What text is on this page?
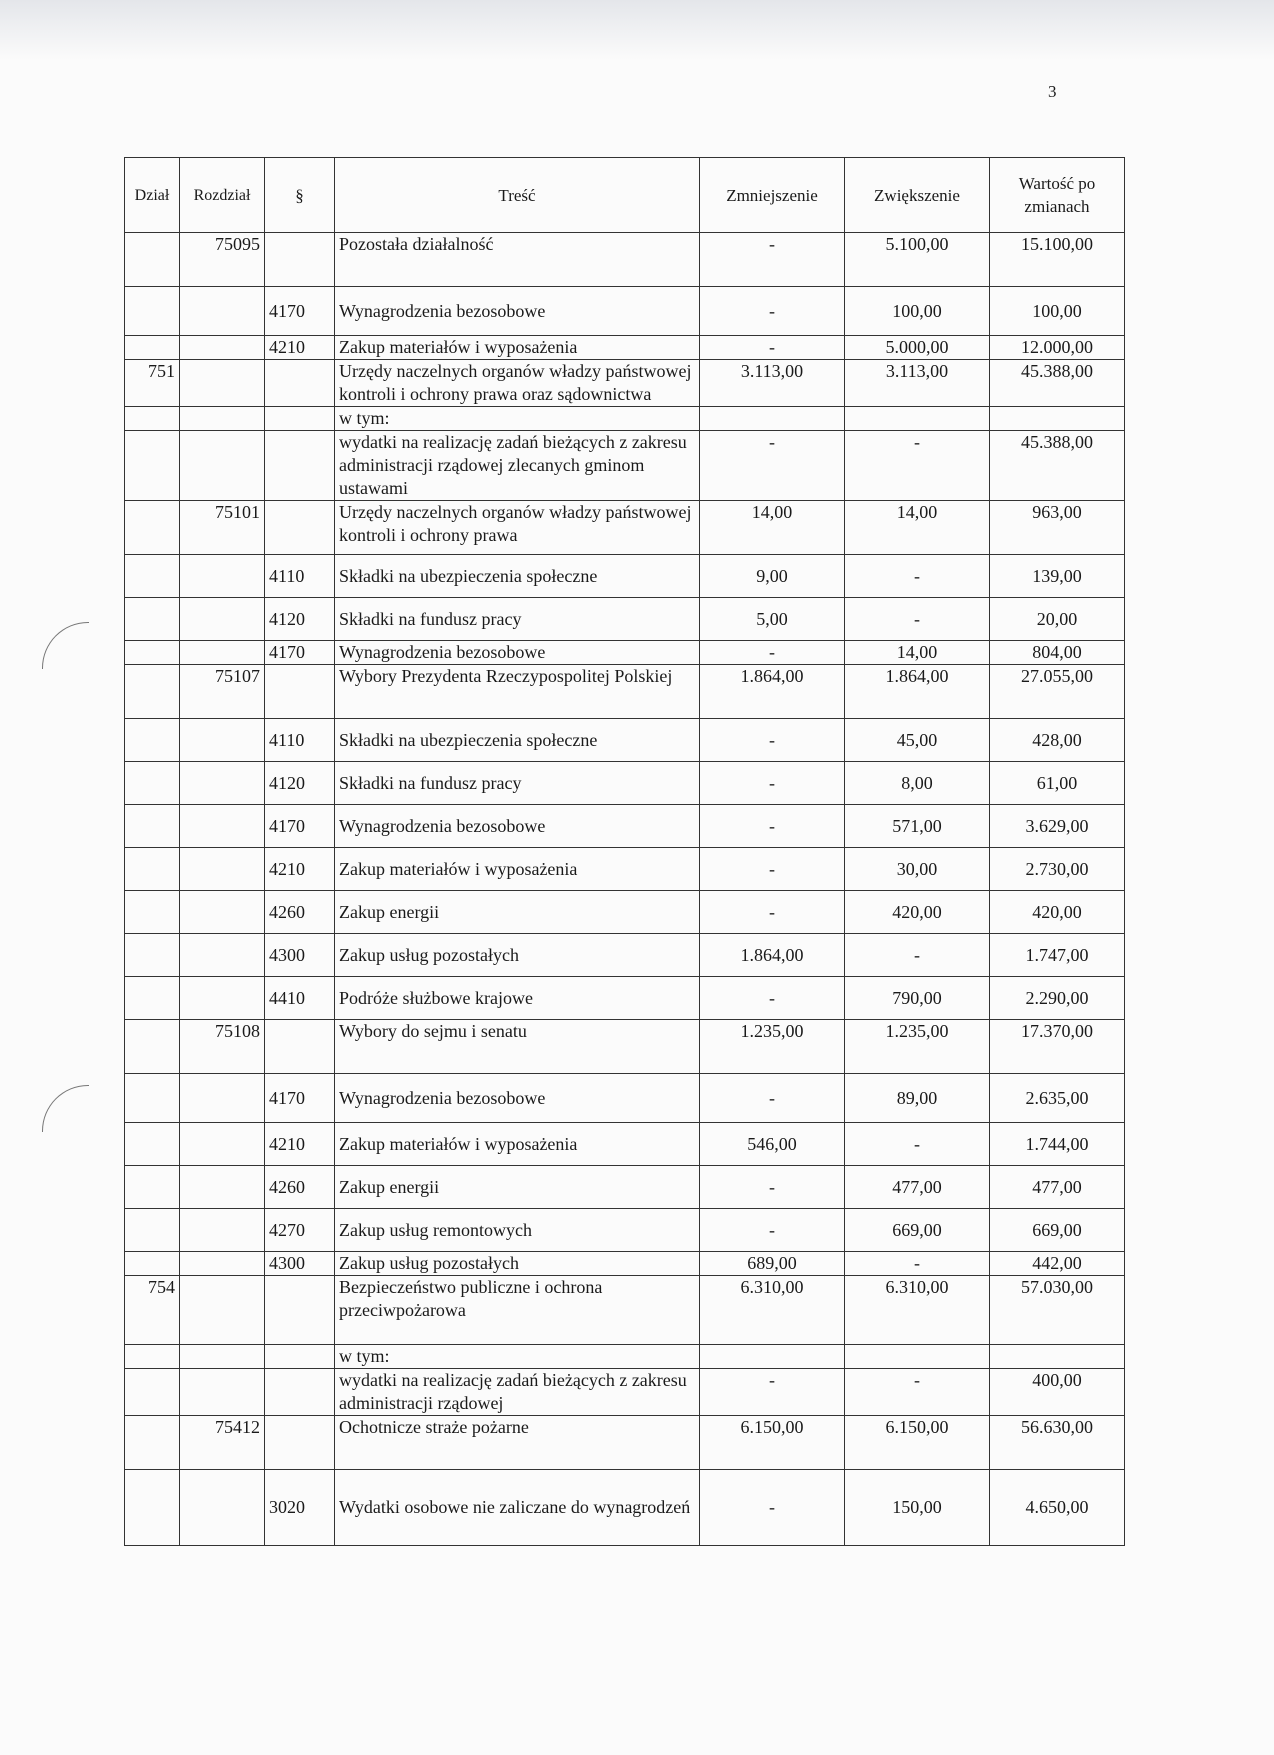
3
Dział	Rozdział	§	Treść	Zmniejszenie	Zwiększenie	Wartość po zmianach
	75095		Pozostała działalność	-	5.100,00	15.100,00
		4170	Wynagrodzenia bezosobowe	-	100,00	100,00
		4210	Zakup materiałów i wyposażenia	-	5.000,00	12.000,00
751			Urzędy naczelnych organów władzy państwowej kontroli i ochrony prawa oraz sądownictwa	3.113,00	3.113,00	45.388,00
			w tym:			
			wydatki na realizację zadań bieżących z zakresu administracji rządowej zlecanych gminom ustawami	-	-	45.388,00
	75101		Urzędy naczelnych organów władzy państwowej kontroli i ochrony prawa	14,00	14,00	963,00
		4110	Składki na ubezpieczenia społeczne	9,00	-	139,00
		4120	Składki na fundusz pracy	5,00	-	20,00
		4170	Wynagrodzenia bezosobowe	-	14,00	804,00
	75107		Wybory Prezydenta Rzeczypospolitej Polskiej	1.864,00	1.864,00	27.055,00
		4110	Składki na ubezpieczenia społeczne	-	45,00	428,00
		4120	Składki na fundusz pracy	-	8,00	61,00
		4170	Wynagrodzenia bezosobowe	-	571,00	3.629,00
		4210	Zakup materiałów i wyposażenia	-	30,00	2.730,00
		4260	Zakup energii	-	420,00	420,00
		4300	Zakup usług pozostałych	1.864,00	-	1.747,00
		4410	Podróże służbowe krajowe	-	790,00	2.290,00
	75108		Wybory do sejmu i senatu	1.235,00	1.235,00	17.370,00
		4170	Wynagrodzenia bezosobowe	-	89,00	2.635,00
		4210	Zakup materiałów i wyposażenia	546,00	-	1.744,00
		4260	Zakup energii	-	477,00	477,00
		4270	Zakup usług remontowych	-	669,00	669,00
		4300	Zakup usług pozostałych	689,00	-	442,00
754			Bezpieczeństwo publiczne i ochrona przeciwpożarowa	6.310,00	6.310,00	57.030,00
			w tym:			
			wydatki na realizację zadań bieżących z zakresu administracji rządowej	-	-	400,00
	75412		Ochotnicze straże pożarne	6.150,00	6.150,00	56.630,00
		3020	Wydatki osobowe nie zaliczane do wynagrodzeń	-	150,00	4.650,00
